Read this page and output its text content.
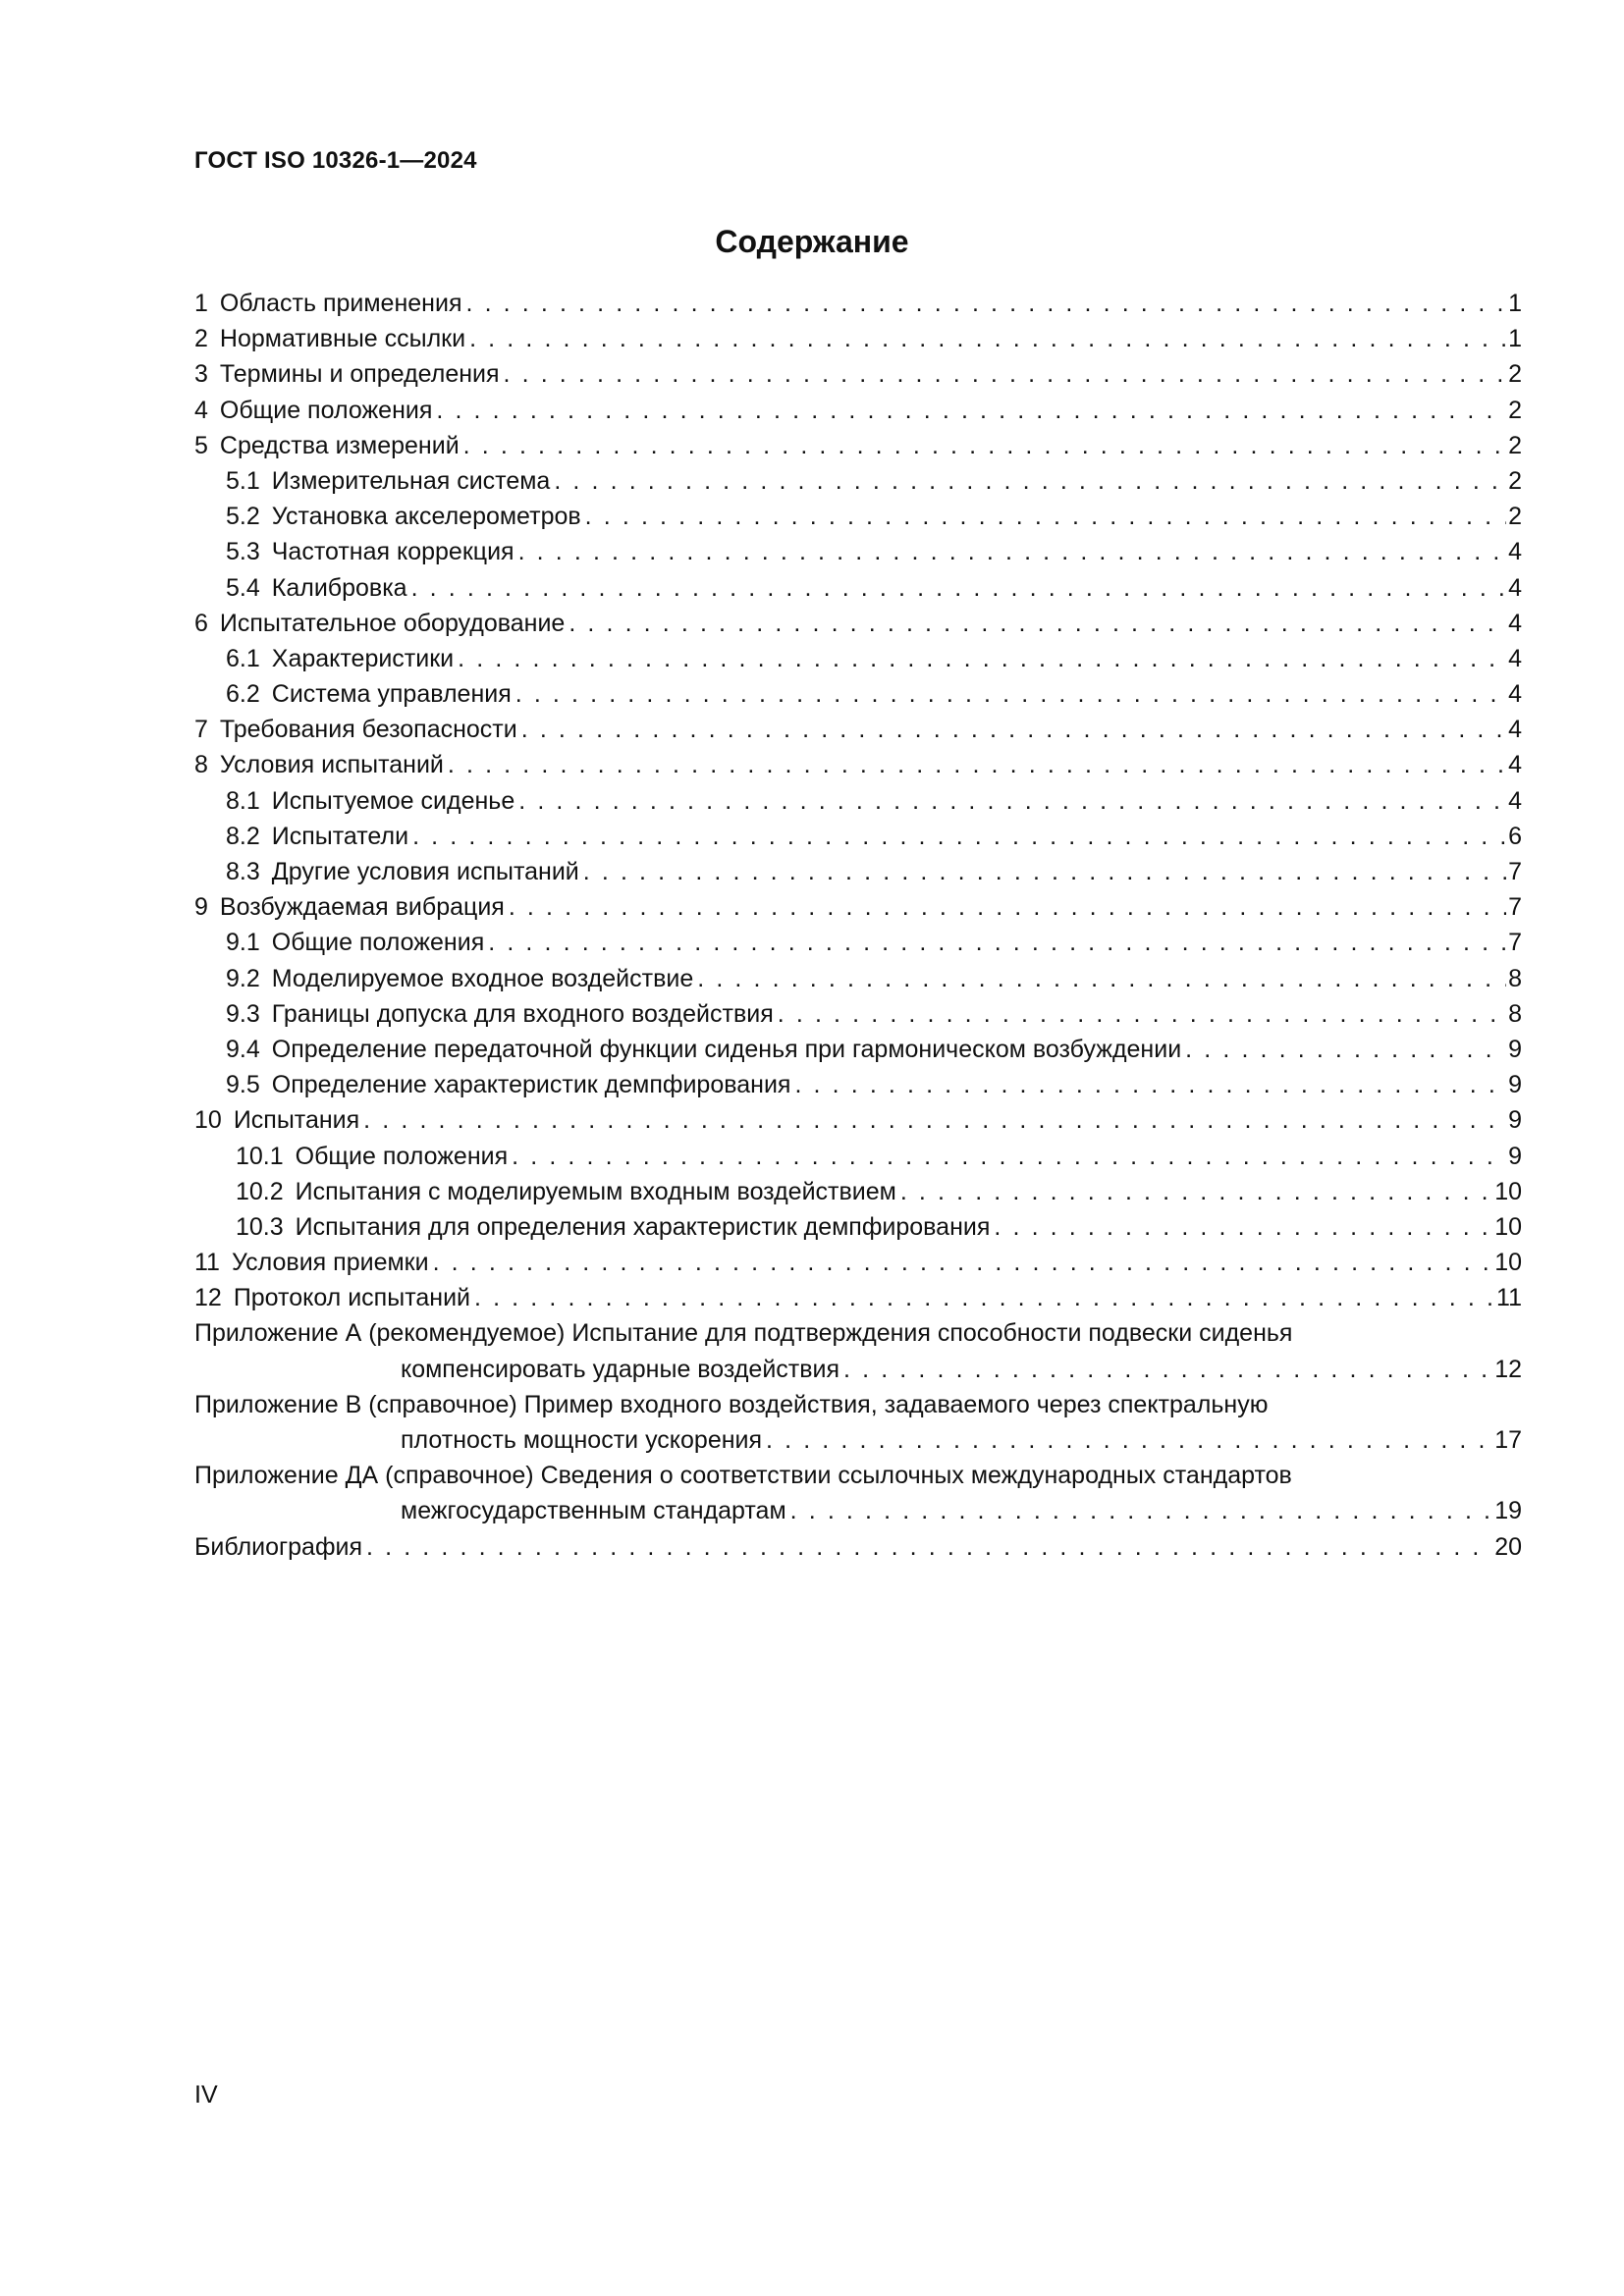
ГОСТ ISO 10326-1—2024
Содержание
1 Область применения . . .	1
2 Нормативные ссылки . . .	1
3 Термины и определения . . .	2
4 Общие положения . . .	2
5 Средства измерений . . .	2
5.1 Измерительная система . . .	2
5.2 Установка акселерометров . . .	2
5.3 Частотная коррекция . . .	4
5.4 Калибровка . . .	4
6 Испытательное оборудование . . .	4
6.1 Характеристики . . .	4
6.2 Система управления . . .	4
7 Требования безопасности . . .	4
8 Условия испытаний . . .	4
8.1 Испытуемое сиденье . . .	4
8.2 Испытатели . . .	6
8.3 Другие условия испытаний . . .	7
9 Возбуждаемая вибрация . . .	7
9.1 Общие положения . . .	7
9.2 Моделируемое входное воздействие . . .	8
9.3 Границы допуска для входного воздействия . . .	8
9.4 Определение передаточной функции сиденья при гармоническом возбуждении . . .	9
9.5 Определение характеристик демпфирования . . .	9
10 Испытания . . .	9
10.1 Общие положения . . .	9
10.2 Испытания с моделируемым входным воздействием . . .	10
10.3 Испытания для определения характеристик демпфирования . . .	10
11 Условия приемки . . .	10
12 Протокол испытаний . . .	11
Приложение А (рекомендуемое) Испытание для подтверждения способности подвески сиденья
компенсировать ударные воздействия . . .	12
Приложение В (справочное) Пример входного воздействия, задаваемого через спектральную
плотность мощности ускорения . . .	17
Приложение ДА (справочное) Сведения о соответствии ссылочных международных стандартов
межгосударственным стандартам . . .	19
Библиография . . .	20
IV
